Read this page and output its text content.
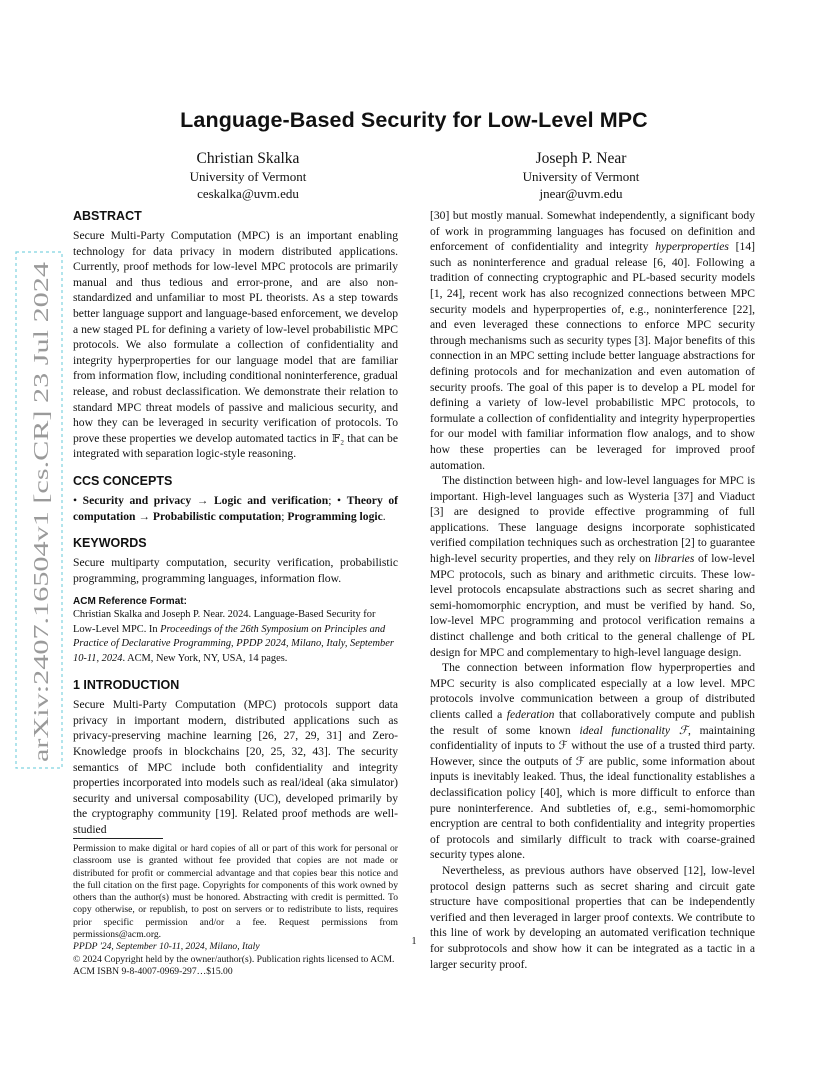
arXiv:2407.16504v1 [cs.CR] 23 Jul 2024
Language-Based Security for Low-Level MPC
Christian Skalka
University of Vermont
ceskalka@uvm.edu
Joseph P. Near
University of Vermont
jnear@uvm.edu
ABSTRACT

Secure Multi-Party Computation (MPC) is an important enabling technology for data privacy in modern distributed applications. Currently, proof methods for low-level MPC protocols are primarily manual and thus tedious and error-prone, and are also non-standardized and unfamiliar to most PL theorists. As a step towards better language support and language-based enforcement, we develop a new staged PL for defining a variety of low-level probabilistic MPC protocols. We also formulate a collection of confidentiality and integrity hyperproperties for our language model that are familiar from information flow, including conditional noninterference, gradual release, and robust declassification. We demonstrate their relation to standard MPC threat models of passive and malicious security, and how they can be leveraged in security verification of protocols. To prove these properties we develop automated tactics in 𝔽₂ that can be integrated with separation logic-style reasoning.

CCS CONCEPTS

• Security and privacy → Logic and verification; • Theory of computation → Probabilistic computation; Programming logic.

KEYWORDS

Secure multiparty computation, security verification, probabilistic programming, programming languages, information flow.

ACM Reference Format:
Christian Skalka and Joseph P. Near. 2024. Language-Based Security for Low-Level MPC. In Proceedings of the 26th Symposium on Principles and Practice of Declarative Programming, PPDP 2024, Milano, Italy, September 10-11, 2024. ACM, New York, NY, USA, 14 pages.
1 INTRODUCTION

Secure Multi-Party Computation (MPC) protocols support data privacy in important modern, distributed applications such as privacy-preserving machine learning [26, 27, 29, 31] and Zero-Knowledge proofs in blockchains [20, 25, 32, 43]. The security semantics of MPC include both confidentiality and integrity properties incorporated into models such as real/ideal (aka simulator) security and universal composability (UC), developed primarily by the cryptography community [19]. Related proof methods are well-studied

[30] but mostly manual. Somewhat independently, a significant body of work in programming languages has focused on definition and enforcement of confidentiality and integrity hyperproperties [14] such as noninterference and gradual release [6, 40]. Following a tradition of connecting cryptographic and PL-based security models [1, 24], recent work has also recognized connections between MPC security models and hyperproperties of, e.g., noninterference [22], and even leveraged these connections to enforce MPC security through mechanisms such as security types [3]. Major benefits of this connection in an MPC setting include better language abstractions for defining protocols and for mechanization and even automation of security proofs. The goal of this paper is to develop a PL model for defining a variety of low-level probabilistic MPC protocols, to formulate a collection of confidentiality and integrity hyperproperties for our model with familiar information flow analogs, and to show how these properties can be leveraged for improved proof automation.

The distinction between high- and low-level languages for MPC is important. High-level languages such as Wysteria [37] and Viaduct [3] are designed to provide effective programming of full applications. These language designs incorporate sophisticated verified compilation techniques such as orchestration [2] to guarantee high-level security properties, and they rely on libraries of low-level MPC protocols, such as binary and arithmetic circuits. These low-level protocols encapsulate abstractions such as secret sharing and semi-homomorphic encryption, and must be verified by hand. So, low-level MPC programming and protocol verification remains a distinct challenge and both critical to the general challenge of PL design for MPC and complementary to high-level language design.

The connection between information flow hyperproperties and MPC security is also complicated especially at a low level. MPC protocols involve communication between a group of distributed clients called a federation that collaboratively compute and publish the result of some known ideal functionality ℱ, maintaining confidentiality of inputs to ℱ without the use of a trusted third party. However, since the outputs of ℱ are public, some information about inputs is inevitably leaked. Thus, the ideal functionality establishes a declassification policy [40], which is more difficult to enforce than pure noninterference. And subtleties of, e.g., semi-homomorphic encryption are central to both confidentiality and integrity properties of protocols and similarly difficult to track with coarse-grained security types alone.

Nevertheless, as previous authors have observed [12], low-level protocol design patterns such as secret sharing and circuit gate structure have compositional properties that can be independently verified and then leveraged in larger proof contexts. We contribute to this line of work by developing an automated verification technique for subprotocols and show how it can be integrated as a tactic in a larger security proof.

Permission to make digital or hard copies of all or part of this work for personal or classroom use is granted without fee provided that copies are not made or distributed for profit or commercial advantage and that copies bear this notice and the full citation on the first page. Copyrights for components of this work owned by others than the author(s) must be honored. Abstracting with credit is permitted. To copy otherwise, or republish, to post on servers or to redistribute to lists, requires prior specific permission and/or a fee. Request permissions from permissions@acm.org.

PPDP '24, September 10-11, 2024, Milano, Italy

© 2024 Copyright held by the owner/author(s). Publication rights licensed to ACM.

ACM ISBN 9-8-4007-0969-297…$15.00

1
